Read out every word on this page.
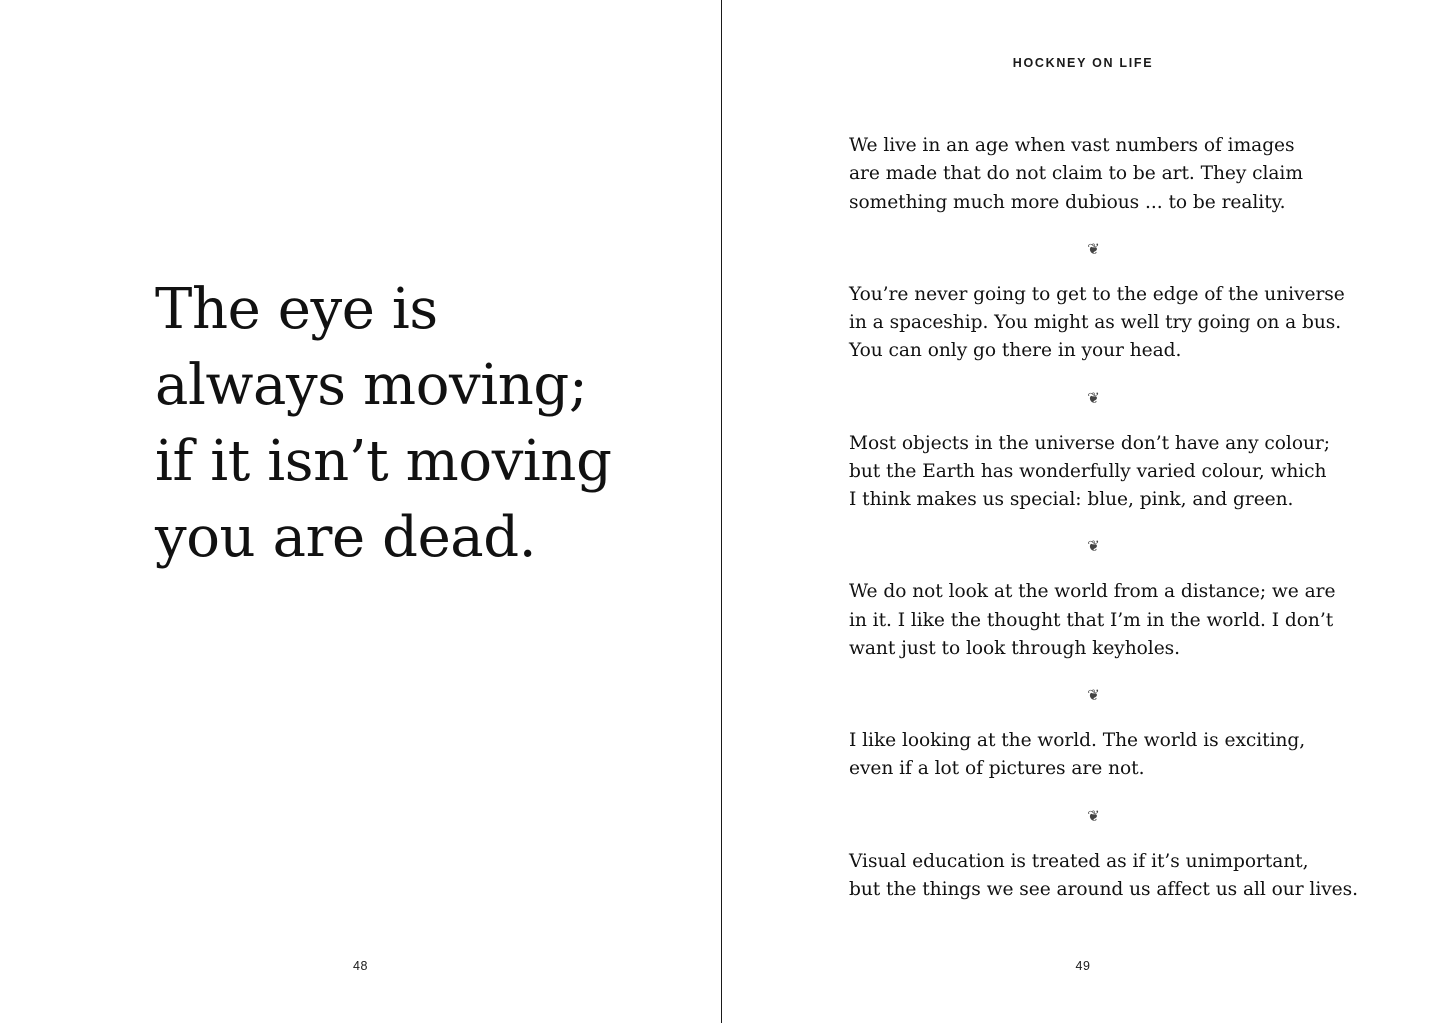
The eye is
always moving;
if it isn’t moving
you are dead.
48
HOCKNEY ON LIFE
We live in an age when vast numbers of images
are made that do not claim to be art. They claim
something much more dubious ... to be reality.
❦
You’re never going to get to the edge of the universe
in a spaceship. You might as well try going on a bus.
You can only go there in your head.
❦
Most objects in the universe don’t have any colour;
but the Earth has wonderfully varied colour, which
I think makes us special: blue, pink, and green.
❦
We do not look at the world from a distance; we are
in it. I like the thought that I’m in the world. I don’t
want just to look through keyholes.
❦
I like looking at the world. The world is exciting,
even if a lot of pictures are not.
❦
Visual education is treated as if it’s unimportant,
but the things we see around us affect us all our lives.
49
